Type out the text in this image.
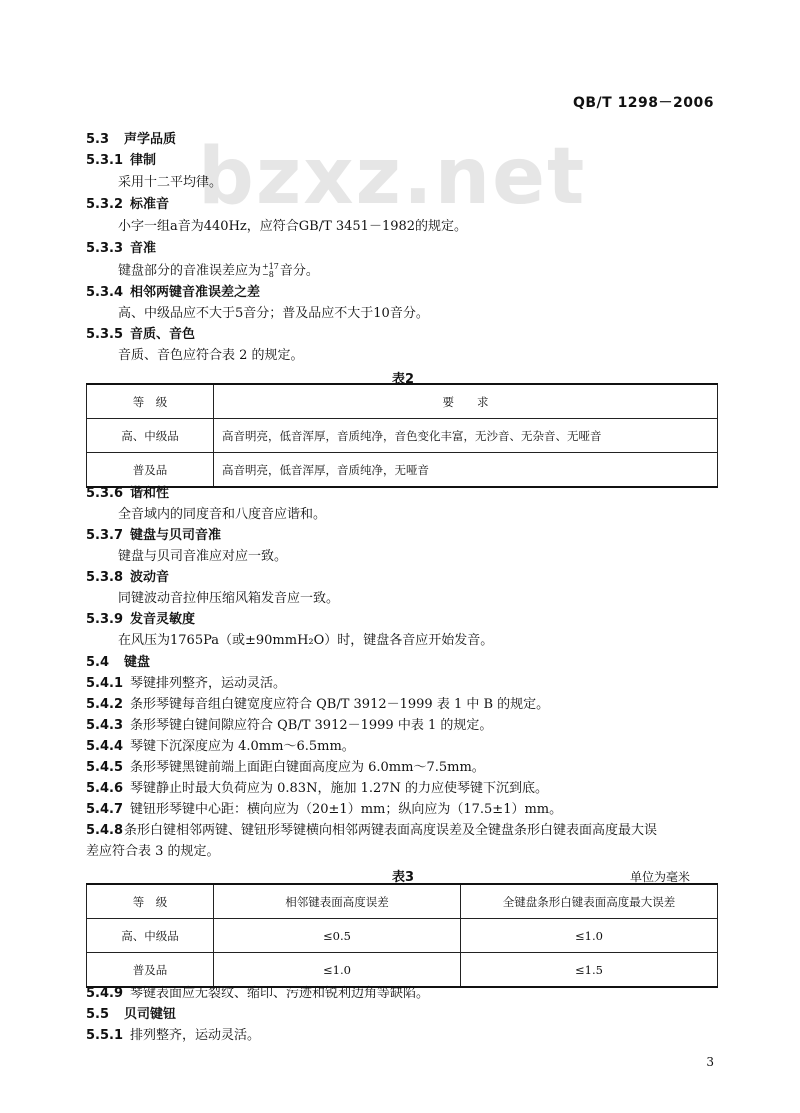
bzxz.net
QB/T 1298－2006
5.3 声学品质
5.3.1 律制
采用十二平均律。
5.3.2 标准音
小字一组a音为440Hz，应符合GB/T 3451－1982的规定。
5.3.3 音准
键盘部分的音准误差应为 +17
−8 音分。
5.3.4 相邻两键音准误差之差
高、中级品应不大于5音分；普及品应不大于10音分。
5.3.5 音质、音色
音质、音色应符合表 2 的规定。
表2
等　级	要　　求
高、中级品	高音明亮，低音浑厚，音质纯净，音色变化丰富，无沙音、无杂音、无哑音
普及品	高音明亮，低音浑厚，音质纯净，无哑音
5.3.6 谐和性
全音域内的同度音和八度音应谐和。
5.3.7 键盘与贝司音准
键盘与贝司音准应对应一致。
5.3.8 波动音
同键波动音拉伸压缩风箱发音应一致。
5.3.9 发音灵敏度
在风压为1765Pa（或±90mmH₂O）时，键盘各音应开始发音。
5.4 键盘
5.4.1 琴键排列整齐，运动灵活。
5.4.2 条形琴键每音组白键宽度应符合 QB/T 3912－1999 表 1 中 B 的规定。
5.4.3 条形琴键白键间隙应符合 QB/T 3912－1999 中表 1 的规定。
5.4.4 琴键下沉深度应为 4.0mm～6.5mm。
5.4.5 条形琴键黑键前端上面距白键面高度应为 6.0mm～7.5mm。
5.4.6 琴键静止时最大负荷应为 0.83N，施加 1.27N 的力应使琴键下沉到底。
5.4.7 键钮形琴键中心距：横向应为（20±1）mm；纵向应为（17.5±1）mm。
5.4.8条形白键相邻两键、键钮形琴键横向相邻两键表面高度误差及全键盘条形白键表面高度最大误
差应符合表 3 的规定。
表3	单位为毫米
等　级	相邻键表面高度误差	全键盘条形白键表面高度最大误差
高、中级品	≤0.5	≤1.0
普及品	≤1.0	≤1.5
5.4.9 琴键表面应无裂纹、缩印、污迹和锐利边角等缺陷。
5.5 贝司键钮
5.5.1 排列整齐，运动灵活。
3
